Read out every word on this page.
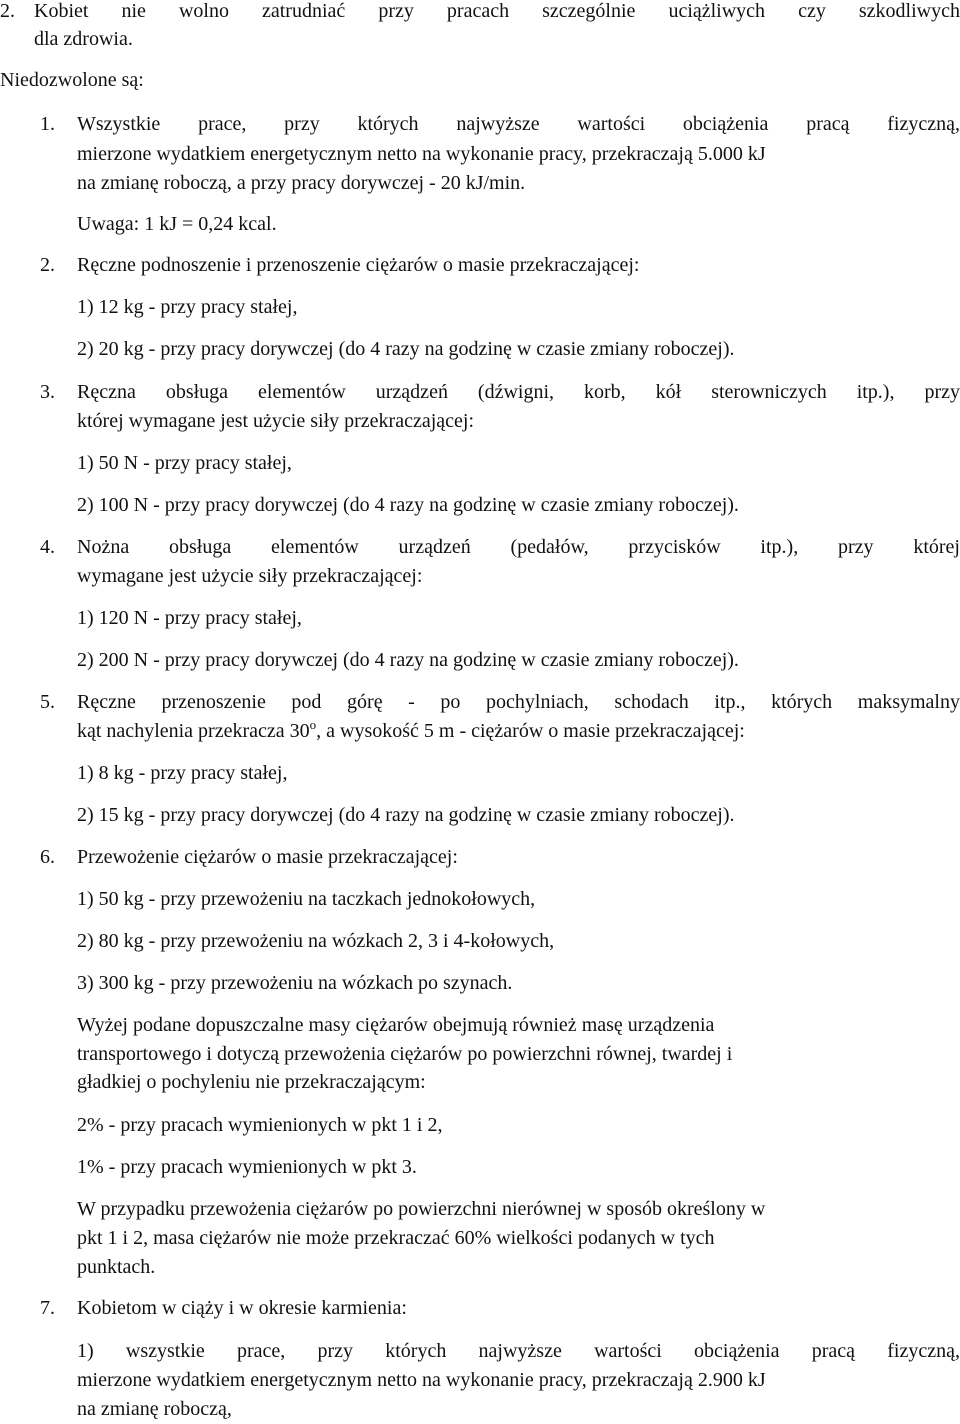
2. Kobiet nie wolno zatrudniać przy pracach szczególnie uciążliwych czy szkodliwych
dla zdrowia.
Niedozwolone są:
1. Wszystkie prace, przy których najwyższe wartości obciążenia pracą fizyczną,
mierzone wydatkiem energetycznym netto na wykonanie pracy, przekraczają 5.000 kJ
na zmianę roboczą, a przy pracy dorywczej - 20 kJ/min.
Uwaga: 1 kJ = 0,24 kcal.
2. Ręczne podnoszenie i przenoszenie ciężarów o masie przekraczającej:
1) 12 kg - przy pracy stałej,
2) 20 kg - przy pracy dorywczej (do 4 razy na godzinę w czasie zmiany roboczej).
3. Ręczna obsługa elementów urządzeń (dźwigni, korb, kół sterowniczych itp.), przy
której wymagane jest użycie siły przekraczającej:
1) 50 N - przy pracy stałej,
2) 100 N - przy pracy dorywczej (do 4 razy na godzinę w czasie zmiany roboczej).
4. Nożna obsługa elementów urządzeń (pedałów, przycisków itp.), przy której
wymagane jest użycie siły przekraczającej:
1) 120 N - przy pracy stałej,
2) 200 N - przy pracy dorywczej (do 4 razy na godzinę w czasie zmiany roboczej).
5. Ręczne przenoszenie pod górę - po pochylniach, schodach itp., których maksymalny
kąt nachylenia przekracza 30$^o$, a wysokość 5 m - ciężarów o masie przekraczającej:
1) 8 kg - przy pracy stałej,
2) 15 kg - przy pracy dorywczej (do 4 razy na godzinę w czasie zmiany roboczej).
6. Przewożenie ciężarów o masie przekraczającej:
1) 50 kg - przy przewożeniu na taczkach jednokołowych,
2) 80 kg - przy przewożeniu na wózkach 2, 3 i 4-kołowych,
3) 300 kg - przy przewożeniu na wózkach po szynach.
Wyżej podane dopuszczalne masy ciężarów obejmują również masę urządzenia
transportowego i dotyczą przewożenia ciężarów po powierzchni równej, twardej i
gładkiej o pochyleniu nie przekraczającym:
2% - przy pracach wymienionych w pkt 1 i 2,
1% - przy pracach wymienionych w pkt 3.
W przypadku przewożenia ciężarów po powierzchni nierównej w sposób określony w
pkt 1 i 2, masa ciężarów nie może przekraczać 60% wielkości podanych w tych
punktach.
7. Kobietom w ciąży i w okresie karmienia:
1) wszystkie prace, przy których najwyższe wartości obciążenia pracą fizyczną,
mierzone wydatkiem energetycznym netto na wykonanie pracy, przekraczają 2.900 kJ
na zmianę roboczą,
